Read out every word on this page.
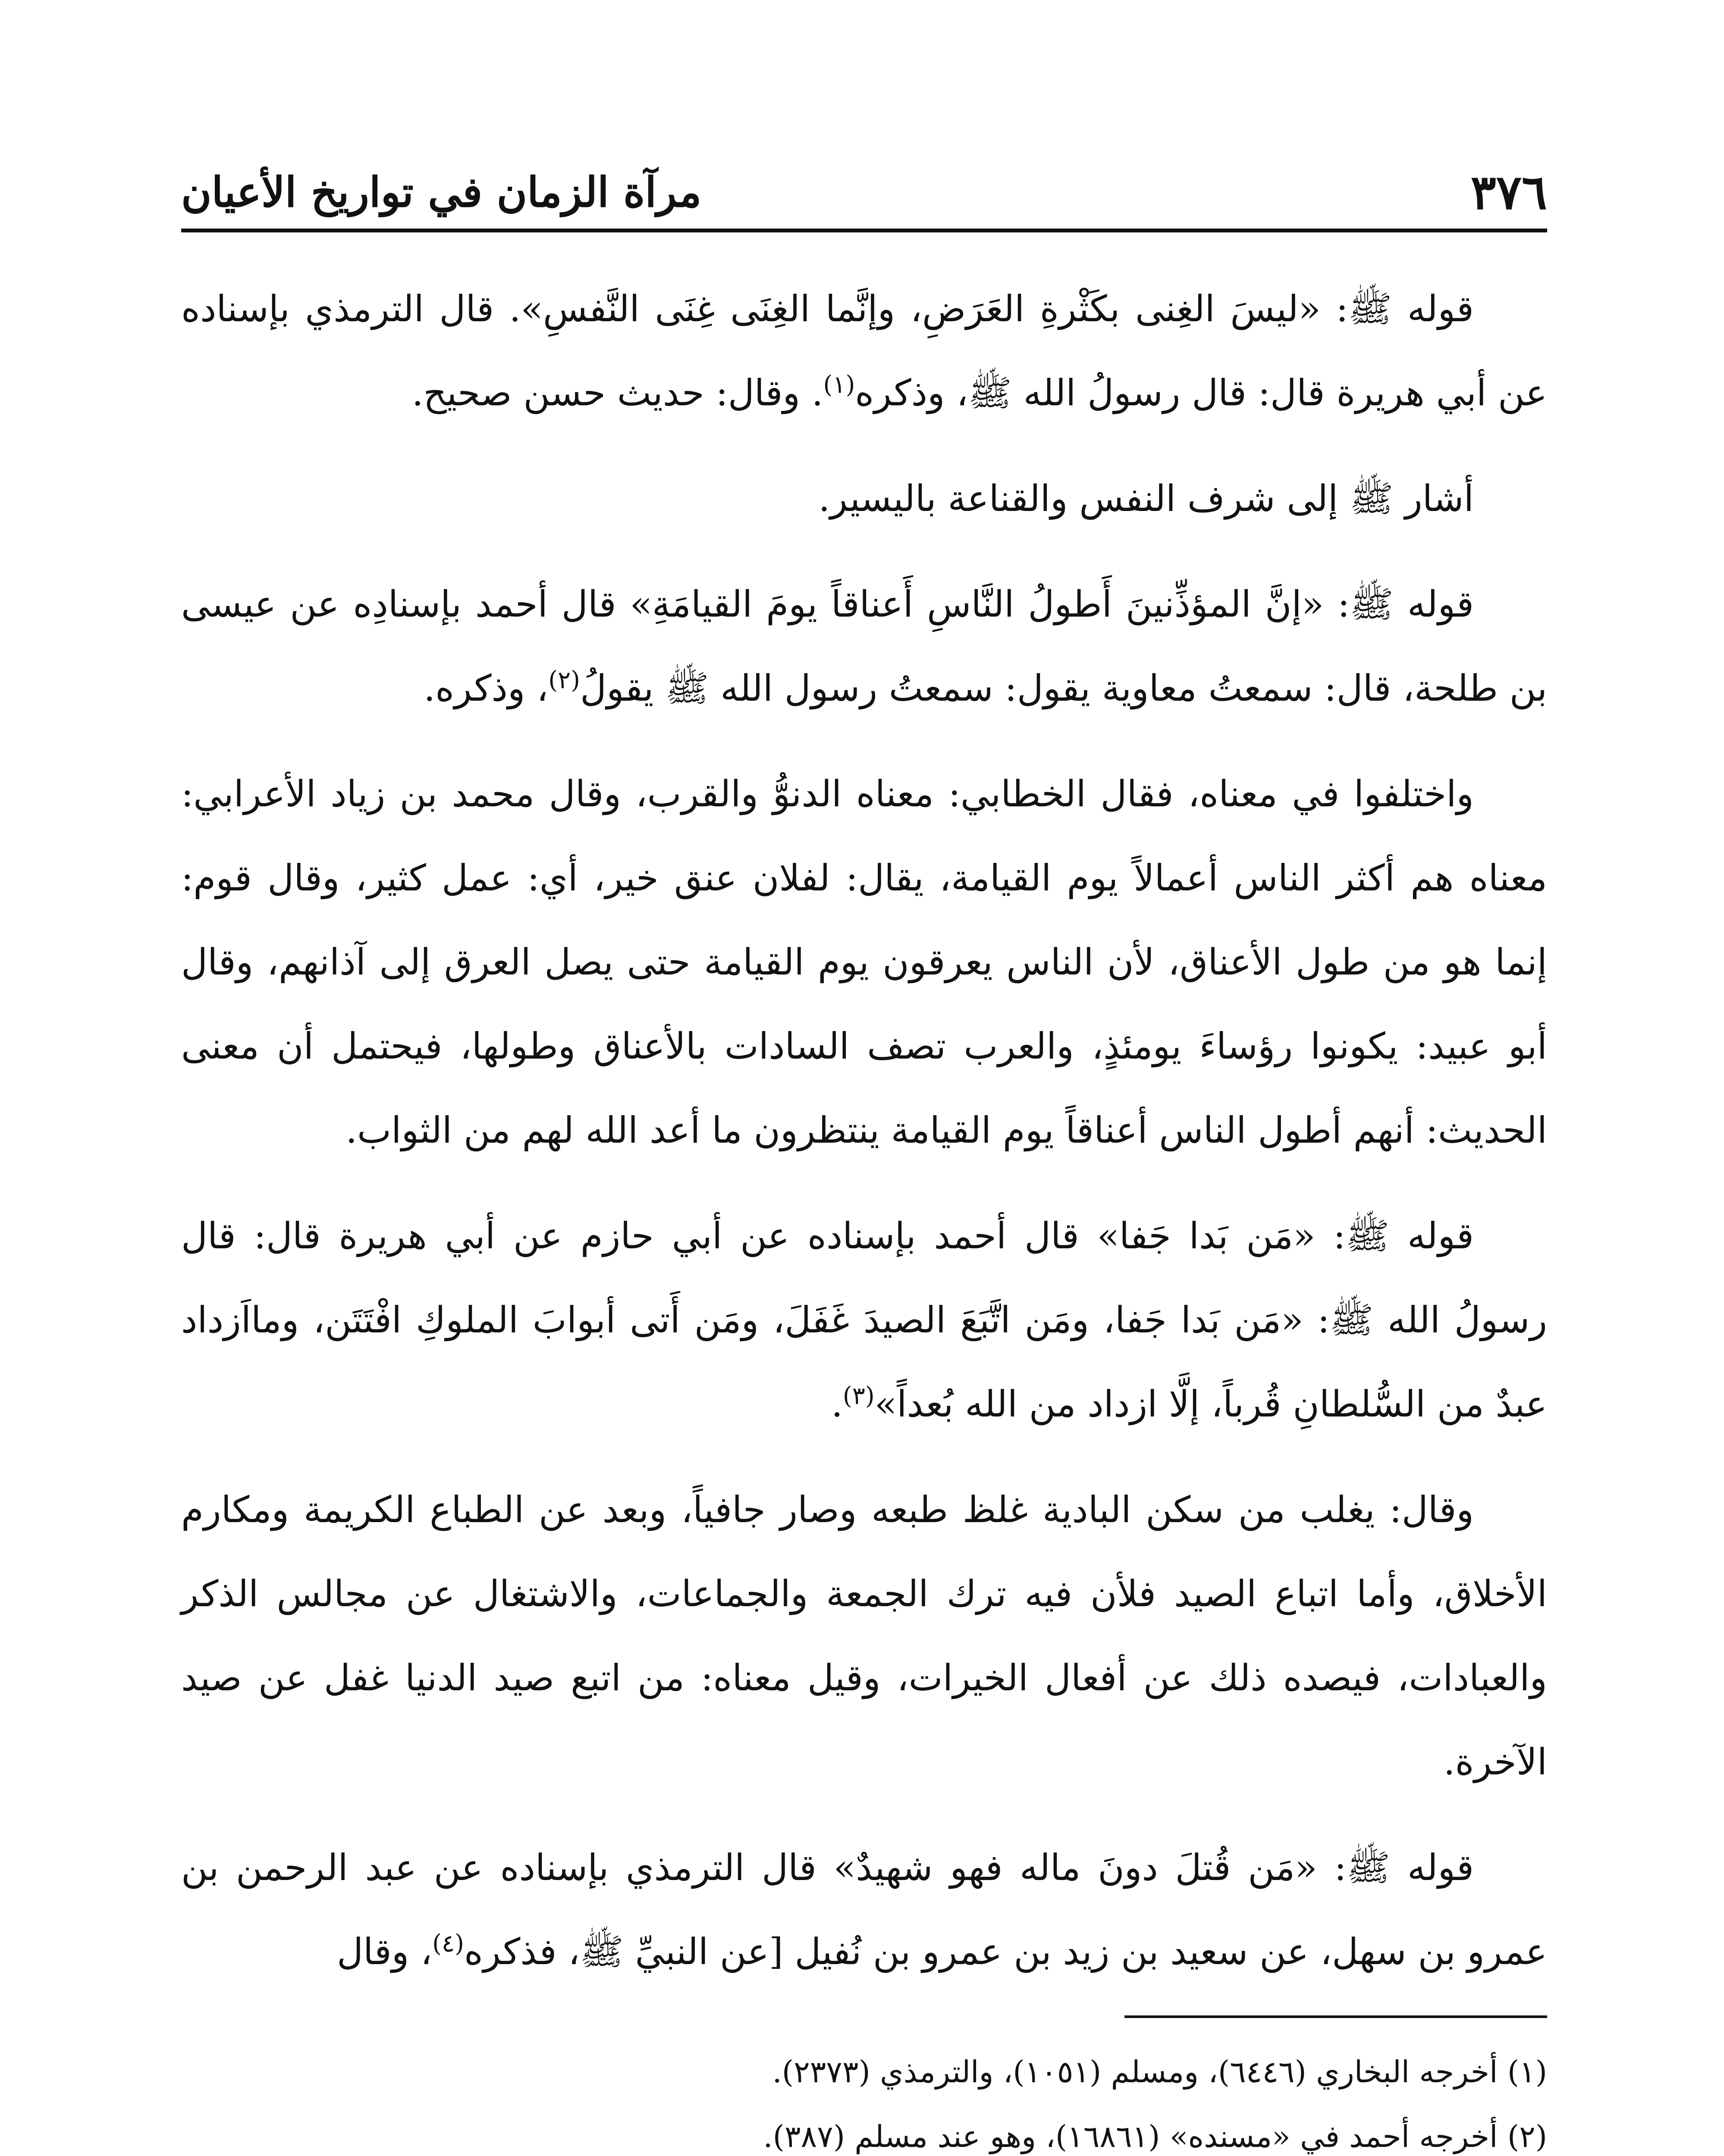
٣٧٦
مرآة الزمان في تواريخ الأعيان

قوله ﷺ: «ليسَ الغِنى بكَثْرةِ العَرَضِ، وإنَّما الغِنَى غِنَى النَّفسِ». قال الترمذي بإسناده عن أبي هريرة قال: قال رسولُ الله ﷺ، وذكره$^{(١)}$. وقال: حديث حسن صحيح.

أشار ﷺ إلى شرف النفس والقناعة باليسير.

قوله ﷺ: «إنَّ المؤذِّنينَ أَطولُ النَّاسِ أَعناقاً يومَ القيامَةِ» قال أحمد بإسنادِه عن عيسى بن طلحة، قال: سمعتُ معاوية يقول: سمعتُ رسول الله ﷺ يقولُ$^{(٢)}$، وذكره.

واختلفوا في معناه، فقال الخطابي: معناه الدنوُّ والقرب، وقال محمد بن زياد الأعرابي: معناه هم أكثر الناس أعمالاً يوم القيامة، يقال: لفلان عنق خير، أي: عمل كثير، وقال قوم: إنما هو من طول الأعناق، لأن الناس يعرقون يوم القيامة حتى يصل العرق إلى آذانهم، وقال أبو عبيد: يكونوا رؤساءَ يومئذٍ، والعرب تصف السادات بالأعناق وطولها، فيحتمل أن معنى الحديث: أنهم أطول الناس أعناقاً يوم القيامة ينتظرون ما أعد الله لهم من الثواب.

قوله ﷺ: «مَن بَدا جَفا» قال أحمد بإسناده عن أبي حازم عن أبي هريرة قال: قال رسولُ الله ﷺ: «مَن بَدا جَفا، ومَن اتَّبَعَ الصيدَ غَفَلَ، ومَن أَتى أبوابَ الملوكِ افْتَتَن، ومااَزداد عبدٌ من السُّلطانِ قُرباً، إلَّا ازداد من الله بُعداً»$^{(٣)}$.

وقال: يغلب من سكن البادية غلظ طبعه وصار جافياً، وبعد عن الطباع الكريمة ومكارم الأخلاق، وأما اتباع الصيد فلأن فيه ترك الجمعة والجماعات، والاشتغال عن مجالس الذكر والعبادات، فيصده ذلك عن أفعال الخيرات، وقيل معناه: من اتبع صيد الدنيا غفل عن صيد الآخرة.

قوله ﷺ: «مَن قُتلَ دونَ ماله فهو شهيدٌ» قال الترمذي بإسناده عن عبد الرحمن بن عمرو بن سهل، عن سعيد بن زيد بن عمرو بن نُفيل [عن النبيِّ ﷺ، فذكره$^{(٤)}$، وقال

(١) أخرجه البخاري (٦٤٤٦)، ومسلم (١٠٥١)، والترمذي (٢٣٧٣).

(٢) أخرجه أحمد في «مسنده» (١٦٨٦١)، وهو عند مسلم (٣٨٧).
